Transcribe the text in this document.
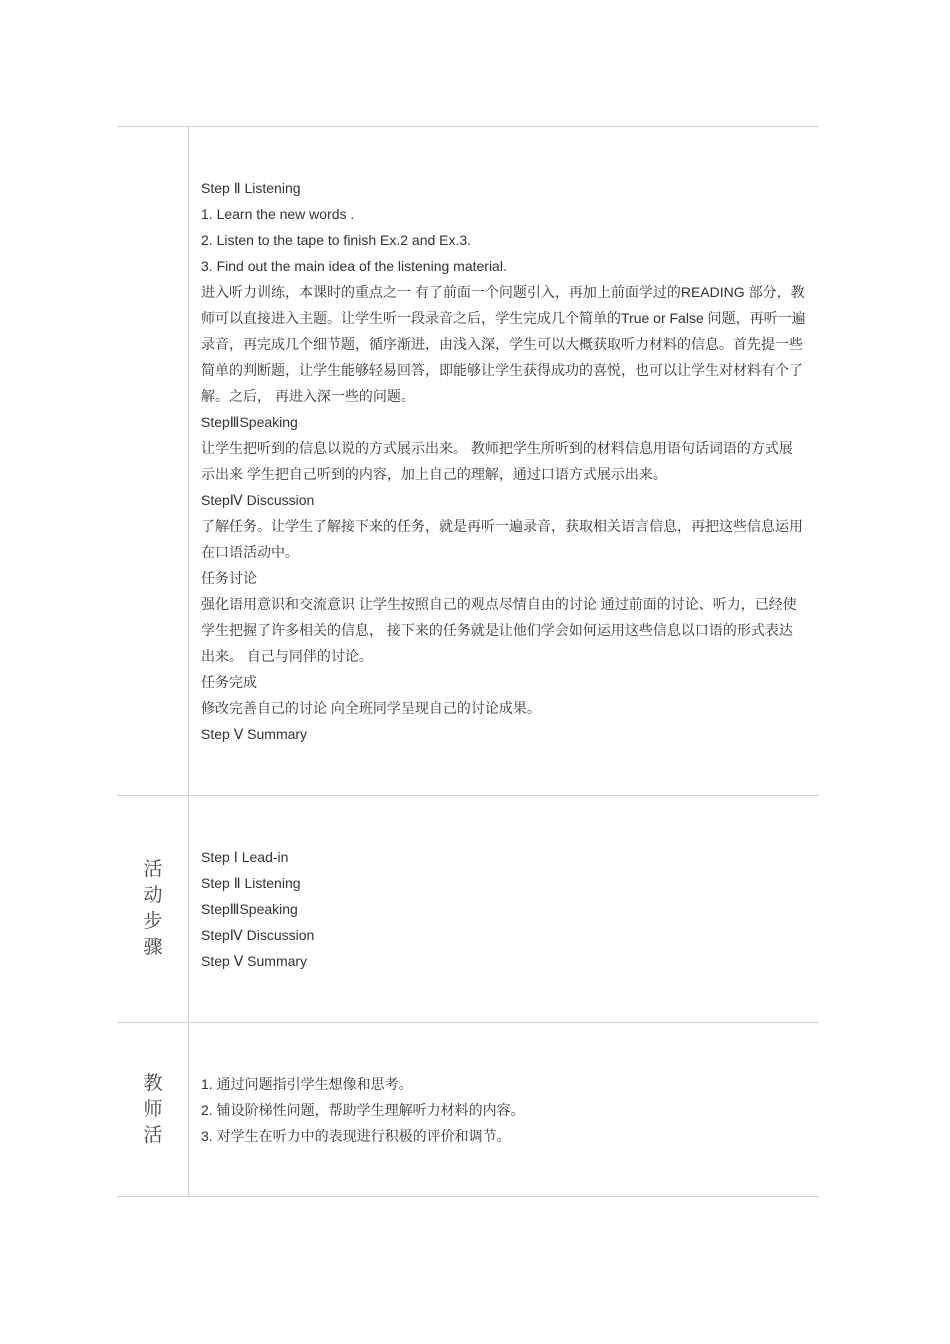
Step Ⅱ Listening
1. Learn the new words .
2. Listen to the tape to finish Ex.2 and Ex.3.
3. Find out the main idea of the listening material.
进入听力训练，本课时的重点之一 有了前面一个问题引入，再加上前面学过的READING 部分，教
师可以直接进入主题。让学生听一段录音之后，学生完成几个简单的True or False 问题，再听一遍
录音，再完成几个细节题，循序渐进，由浅入深，学生可以大概获取听力材料的信息。首先提一些
简单的判断题，让学生能够轻易回答，即能够让学生获得成功的喜悦，也可以让学生对材料有个了
解。之后， 再进入深一些的问题。
StepⅢSpeaking
让学生把听到的信息以说的方式展示出来。 教师把学生所听到的材料信息用语句话词语的方式展
示出来 学生把自己听到的内容，加上自己的理解，通过口语方式展示出来。
StepⅣ Discussion
了解任务。让学生了解接下来的任务，就是再听一遍录音，获取相关语言信息，再把这些信息运用
在口语活动中。
任务讨论
强化语用意识和交流意识 让学生按照自己的观点尽情自由的讨论 通过前面的讨论、听力，已经使
学生把握了许多相关的信息， 接下来的任务就是让他们学会如何运用这些信息以口语的形式表达
出来。 自己与同伴的讨论。
任务完成
修改完善自己的讨论 向全班同学呈现自己的讨论成果。
Step Ⅴ Summary
活
动
步
骤
Step Ⅰ Lead-in
Step Ⅱ Listening
StepⅢSpeaking
StepⅣ Discussion
Step Ⅴ Summary
教
师
活
1. 通过问题指引学生想像和思考。
2. 铺设阶梯性问题，帮助学生理解听力材料的内容。
3. 对学生在听力中的表现进行积极的评价和调节。
